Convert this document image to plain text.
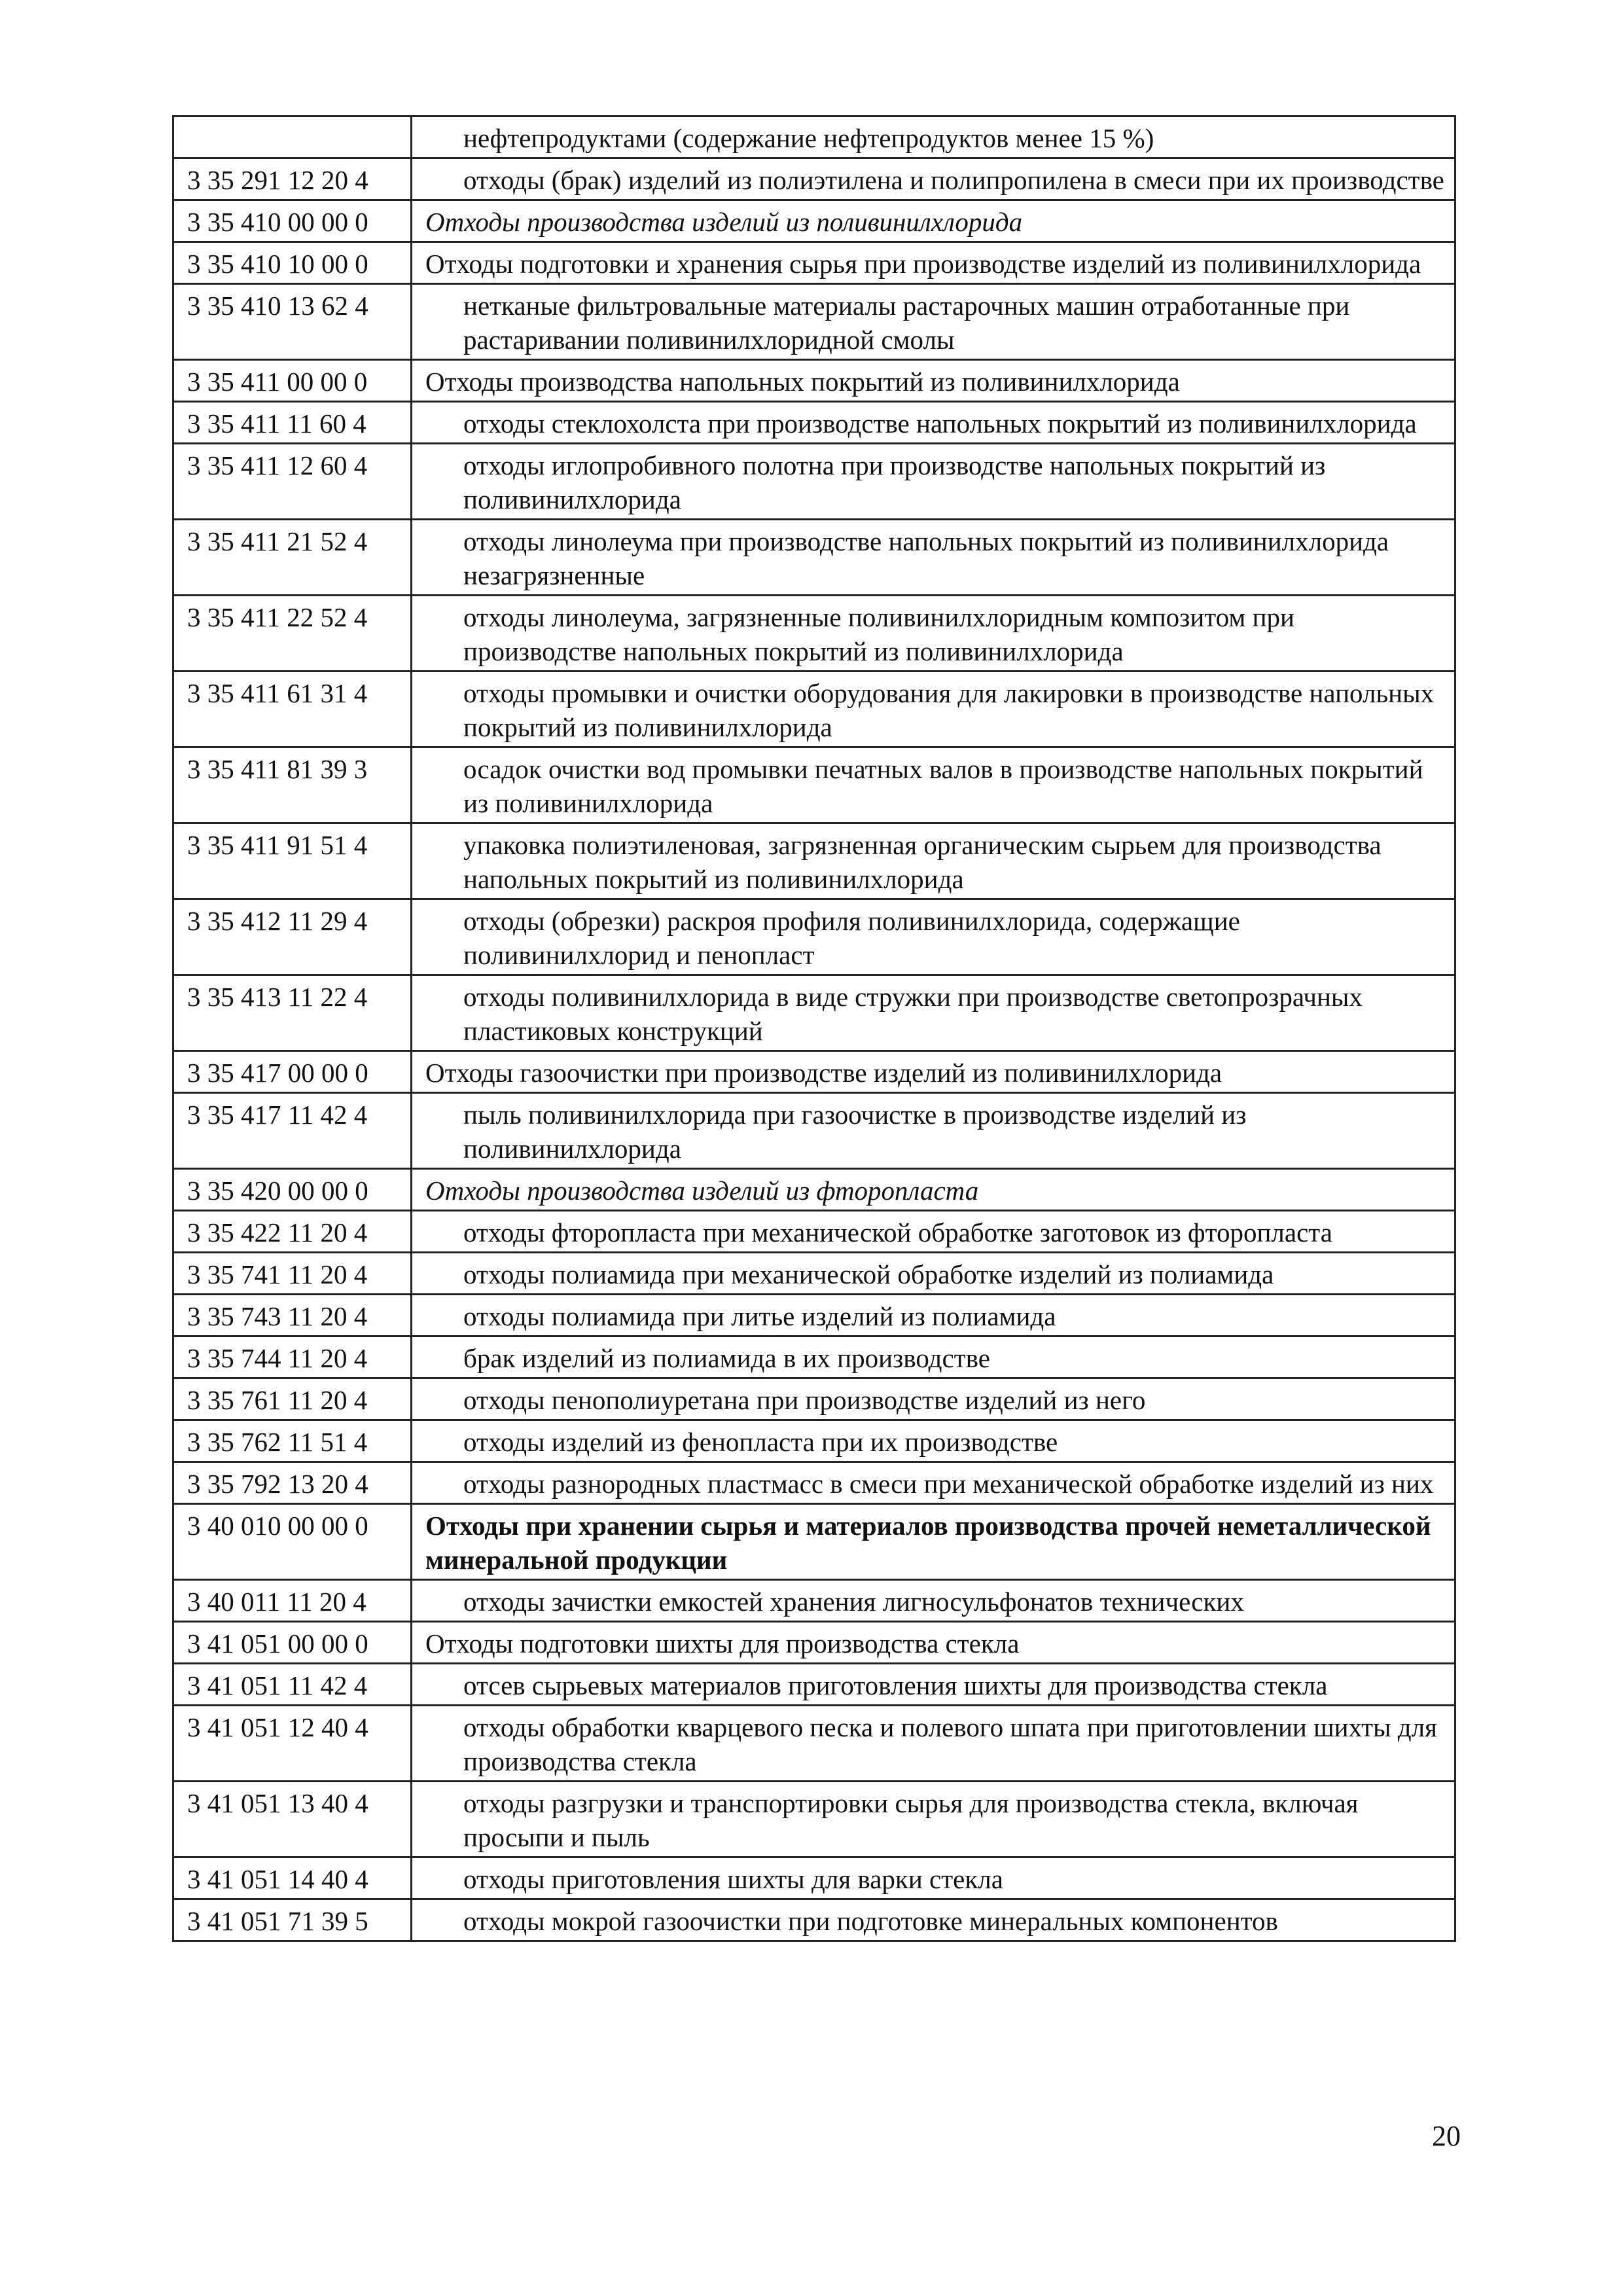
	нефтепродуктами (содержание нефтепродуктов менее 15 %)
3 35 291 12 20 4	отходы (брак) изделий из полиэтилена и полипропилена в смеси при их производстве
3 35 410 00 00 0	Отходы производства изделий из поливинилхлорида
3 35 410 10 00 0	Отходы подготовки и хранения сырья при производстве изделий из поливинилхлорида
3 35 410 13 62 4	нетканые фильтровальные материалы растарочных машин отработанные при растаривании поливинилхлоридной смолы
3 35 411 00 00 0	Отходы производства напольных покрытий из поливинилхлорида
3 35 411 11 60 4	отходы стеклохолста при производстве напольных покрытий из поливинилхлорида
3 35 411 12 60 4	отходы иглопробивного полотна при производстве напольных покрытий из поливинилхлорида
3 35 411 21 52 4	отходы линолеума при производстве напольных покрытий из поливинилхлорида незагрязненные
3 35 411 22 52 4	отходы линолеума, загрязненные поливинилхлоридным композитом при производстве напольных покрытий из поливинилхлорида
3 35 411 61 31 4	отходы промывки и очистки оборудования для лакировки в производстве напольных покрытий из поливинилхлорида
3 35 411 81 39 3	осадок очистки вод промывки печатных валов в производстве напольных покрытий из поливинилхлорида
3 35 411 91 51 4	упаковка полиэтиленовая, загрязненная органическим сырьем для производства напольных покрытий из поливинилхлорида
3 35 412 11 29 4	отходы (обрезки) раскроя профиля поливинилхлорида, содержащие поливинилхлорид и пенопласт
3 35 413 11 22 4	отходы поливинилхлорида в виде стружки при производстве светопрозрачных пластиковых конструкций
3 35 417 00 00 0	Отходы газоочистки при производстве изделий из поливинилхлорида
3 35 417 11 42 4	пыль поливинилхлорида при газоочистке в производстве изделий из поливинилхлорида
3 35 420 00 00 0	Отходы производства изделий из фторопласта
3 35 422 11 20 4	отходы фторопласта при механической обработке заготовок из фторопласта
3 35 741 11 20 4	отходы полиамида при механической обработке изделий из полиамида
3 35 743 11 20 4	отходы полиамида при литье изделий из полиамида
3 35 744 11 20 4	брак изделий из полиамида в их производстве
3 35 761 11 20 4	отходы пенополиуретана при производстве изделий из него
3 35 762 11 51 4	отходы изделий из фенопласта при их производстве
3 35 792 13 20 4	отходы разнородных пластмасс в смеси при механической обработке изделий из них
3 40 010 00 00 0	Отходы при хранении сырья и материалов производства прочей неметаллической минеральной продукции
3 40 011 11 20 4	отходы зачистки емкостей хранения лигносульфонатов технических
3 41 051 00 00 0	Отходы подготовки шихты для производства стекла
3 41 051 11 42 4	отсев сырьевых материалов приготовления шихты для производства стекла
3 41 051 12 40 4	отходы обработки кварцевого песка и полевого шпата при приготовлении шихты для производства стекла
3 41 051 13 40 4	отходы разгрузки и транспортировки сырья для производства стекла, включая просыпи и пыль
3 41 051 14 40 4	отходы приготовления шихты для варки стекла
3 41 051 71 39 5	отходы мокрой газоочистки при подготовке минеральных компонентов
20
